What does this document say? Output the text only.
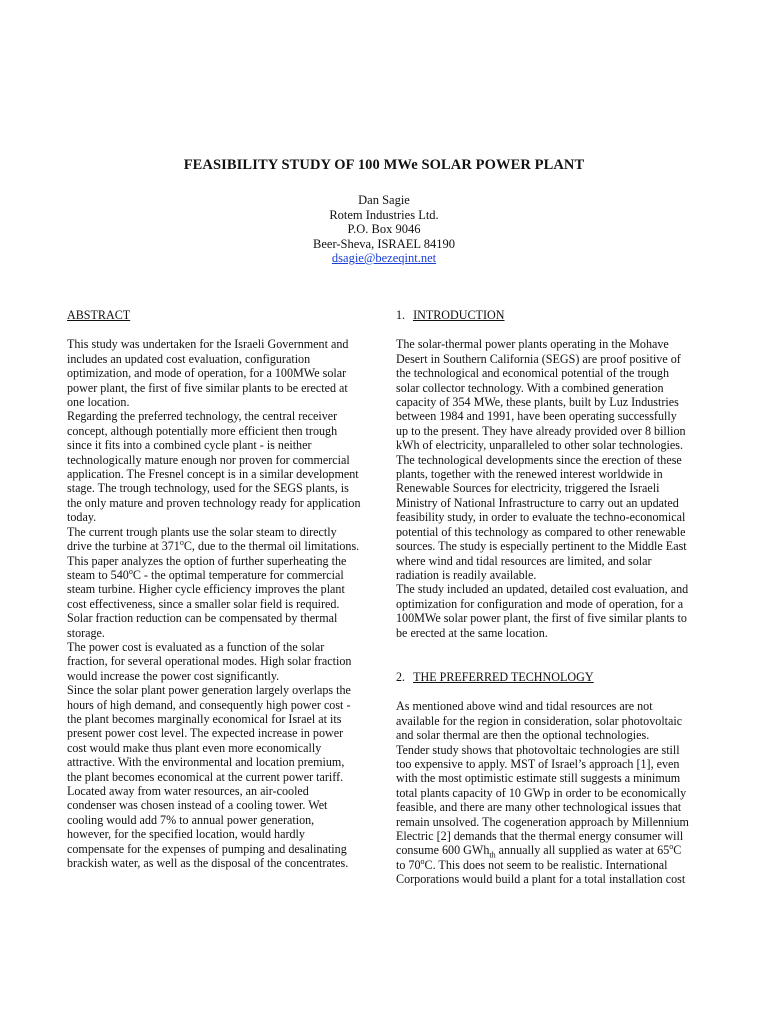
FEASIBILITY STUDY OF 100 MWe SOLAR POWER PLANT
Dan Sagie
Rotem Industries Ltd.
P.O. Box 9046
Beer-Sheva, ISRAEL 84190
dsagie@bezeqint.net
ABSTRACT

This study was undertaken for the Israeli Government and

includes an updated cost evaluation, configuration

optimization, and mode of operation, for a 100MWe solar

power plant, the first of five similar plants to be erected at

one location.

Regarding the preferred technology, the central receiver

concept, although potentially more efficient then trough

since it fits into a combined cycle plant - is neither

technologically mature enough nor proven for commercial

application. The Fresnel concept is in a similar development

stage. The trough technology, used for the SEGS plants, is

the only mature and proven technology ready for application

today.

The current trough plants use the solar steam to directly

drive the turbine at 371$^o$C, due to the thermal oil limitations.

This paper analyzes the option of further superheating the

steam to 540$^o$C - the optimal temperature for commercial

steam turbine. Higher cycle efficiency improves the plant

cost effectiveness, since a smaller solar field is required.

Solar fraction reduction can be compensated by thermal

storage.

The power cost is evaluated as a function of the solar

fraction, for several operational modes. High solar fraction

would increase the power cost significantly.

Since the solar plant power generation largely overlaps the

hours of high demand, and consequently high power cost -

the plant becomes marginally economical for Israel at its

present power cost level. The expected increase in power

cost would make thus plant even more economically

attractive. With the environmental and location premium,

the plant becomes economical at the current power tariff.

Located away from water resources, an air-cooled

condenser was chosen instead of a cooling tower. Wet

cooling would add 7% to annual power generation,

however, for the specified location, would hardly

compensate for the expenses of pumping and desalinating

brackish water, as well as the disposal of the concentrates.

1. INTRODUCTION

The solar-thermal power plants operating in the Mohave

Desert in Southern California (SEGS) are proof positive of

the technological and economical potential of the trough

solar collector technology. With a combined generation

capacity of 354 MWe, these plants, built by Luz Industries

between 1984 and 1991, have been operating successfully

up to the present. They have already provided over 8 billion

kWh of electricity, unparalleled to other solar technologies.

The technological developments since the erection of these

plants, together with the renewed interest worldwide in

Renewable Sources for electricity, triggered the Israeli

Ministry of National Infrastructure to carry out an updated

feasibility study, in order to evaluate the techno-economical

potential of this technology as compared to other renewable

sources. The study is especially pertinent to the Middle East

where wind and tidal resources are limited, and solar

radiation is readily available.

The study included an updated, detailed cost evaluation, and

optimization for configuration and mode of operation, for a

100MWe solar power plant, the first of five similar plants to

be erected at the same location.

2. THE PREFERRED TECHNOLOGY

As mentioned above wind and tidal resources are not

available for the region in consideration, solar photovoltaic

and solar thermal are then the optional technologies.

Tender study shows that photovoltaic technologies are still

too expensive to apply. MST of Israel’s approach [1], even

with the most optimistic estimate still suggests a minimum

total plants capacity of 10 GWp in order to be economically

feasible, and there are many other technological issues that

remain unsolved. The cogeneration approach by Millennium

Electric [2] demands that the thermal energy consumer will

consume 600 GWh$_{th}$ annually all supplied as water at 65$^o$C

to 70$^o$C. This does not seem to be realistic. International

Corporations would build a plant for a total installation cost
